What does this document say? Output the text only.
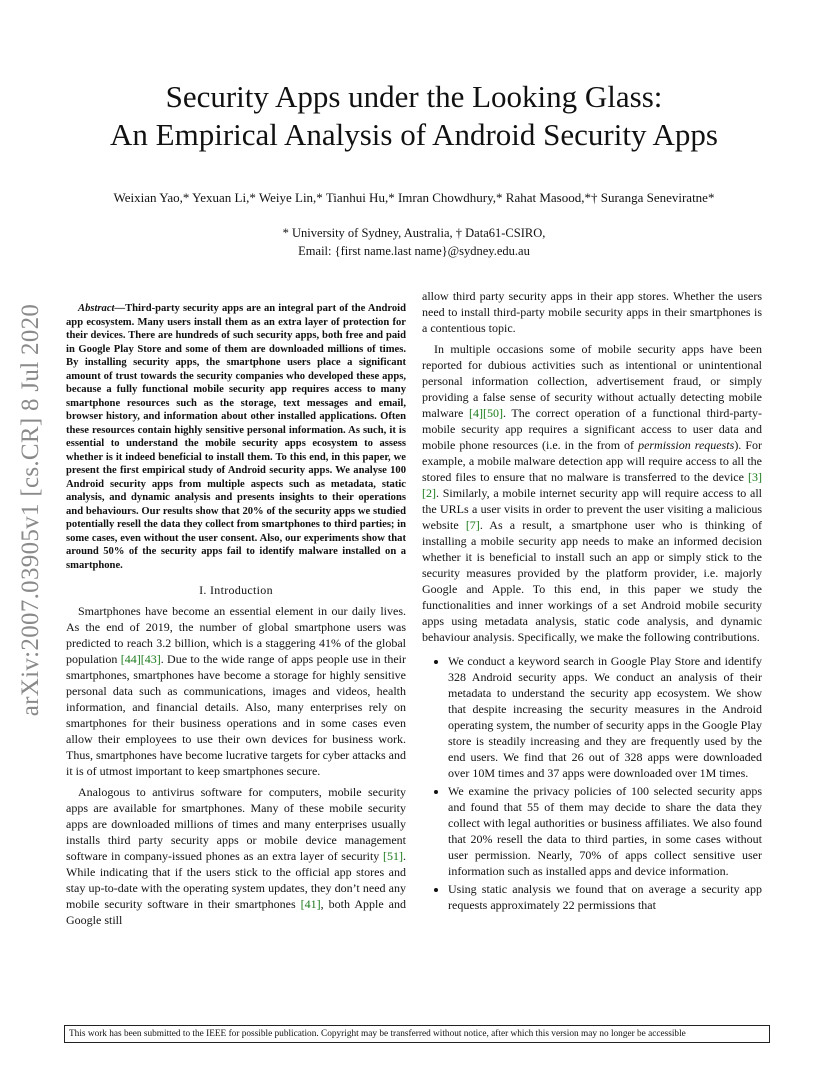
arXiv:2007.03905v1 [cs.CR] 8 Jul 2020
Security Apps under the Looking Glass:
An Empirical Analysis of Android Security Apps
Weixian Yao,* Yexuan Li,* Weiye Lin,* Tianhui Hu,* Imran Chowdhury,* Rahat Masood,*† Suranga Seneviratne*
* University of Sydney, Australia, † Data61-CSIRO,
Email: {first name.last name}@sydney.edu.au
Abstract—Third-party security apps are an integral part of the Android app ecosystem. Many users install them as an extra layer of protection for their devices. There are hundreds of such security apps, both free and paid in Google Play Store and some of them are downloaded millions of times. By installing security apps, the smartphone users place a significant amount of trust towards the security companies who developed these apps, because a fully functional mobile security app requires access to many smartphone resources such as the storage, text messages and email, browser history, and information about other installed applications. Often these resources contain highly sensitive personal information. As such, it is essential to understand the mobile security apps ecosystem to assess whether is it indeed beneficial to install them. To this end, in this paper, we present the first empirical study of Android security apps. We analyse 100 Android security apps from multiple aspects such as metadata, static analysis, and dynamic analysis and presents insights to their operations and behaviours. Our results show that 20% of the security apps we studied potentially resell the data they collect from smartphones to third parties; in some cases, even without the user consent. Also, our experiments show that around 50% of the security apps fail to identify malware installed on a smartphone.
I. Introduction

Smartphones have become an essential element in our daily lives. As the end of 2019, the number of global smartphone users was predicted to reach 3.2 billion, which is a staggering 41% of the global population [44][43]. Due to the wide range of apps people use in their smartphones, smartphones have become a storage for highly sensitive personal data such as communications, images and videos, health information, and financial details. Also, many enterprises rely on smartphones for their business operations and in some cases even allow their employees to use their own devices for business work. Thus, smartphones have become lucrative targets for cyber attacks and it is of utmost important to keep smartphones secure.

Analogous to antivirus software for computers, mobile security apps are available for smartphones. Many of these mobile security apps are downloaded millions of times and many enterprises usually installs third party security apps or mobile device management software in company-issued phones as an extra layer of security [51]. While indicating that if the users stick to the official app stores and stay up-to-date with the operating system updates, they don’t need any mobile security software in their smartphones [41], both Apple and Google still

allow third party security apps in their app stores. Whether the users need to install third-party mobile security apps in their smartphones is a contentious topic.

In multiple occasions some of mobile security apps have been reported for dubious activities such as intentional or unintentional personal information collection, advertisement fraud, or simply providing a false sense of security without actually detecting mobile malware [4][50]. The correct operation of a functional third-party-mobile security app requires a significant access to user data and mobile phone resources (i.e. in the from of permission requests). For example, a mobile malware detection app will require access to all the stored files to ensure that no malware is transferred to the device [3][2]. Similarly, a mobile internet security app will require access to all the URLs a user visits in order to prevent the user visiting a malicious website [7]. As a result, a smartphone user who is thinking of installing a mobile security app needs to make an informed decision whether it is beneficial to install such an app or simply stick to the security measures provided by the platform provider, i.e. majorly Google and Apple. To this end, in this paper we study the functionalities and inner workings of a set Android mobile security apps using metadata analysis, static code analysis, and dynamic behaviour analysis. Specifically, we make the following contributions.

• We conduct a keyword search in Google Play Store and identify 328 Android security apps. We conduct an analysis of their metadata to understand the security app ecosystem. We show that despite increasing the security measures in the Android operating system, the number of security apps in the Google Play store is steadily increasing and they are frequently used by the end users. We find that 26 out of 328 apps were downloaded over 10M times and 37 apps were downloaded over 1M times.
• We examine the privacy policies of 100 selected security apps and found that 55 of them may decide to share the data they collect with legal authorities or business affiliates. We also found that 20% resell the data to third parties, in some cases without user permission. Nearly, 70% of apps collect sensitive user information such as installed apps and device information.
• Using static analysis we found that on average a security app requests approximately 22 permissions that
This work has been submitted to the IEEE for possible publication. Copyright may be transferred without notice, after which this version may no longer be accessible
